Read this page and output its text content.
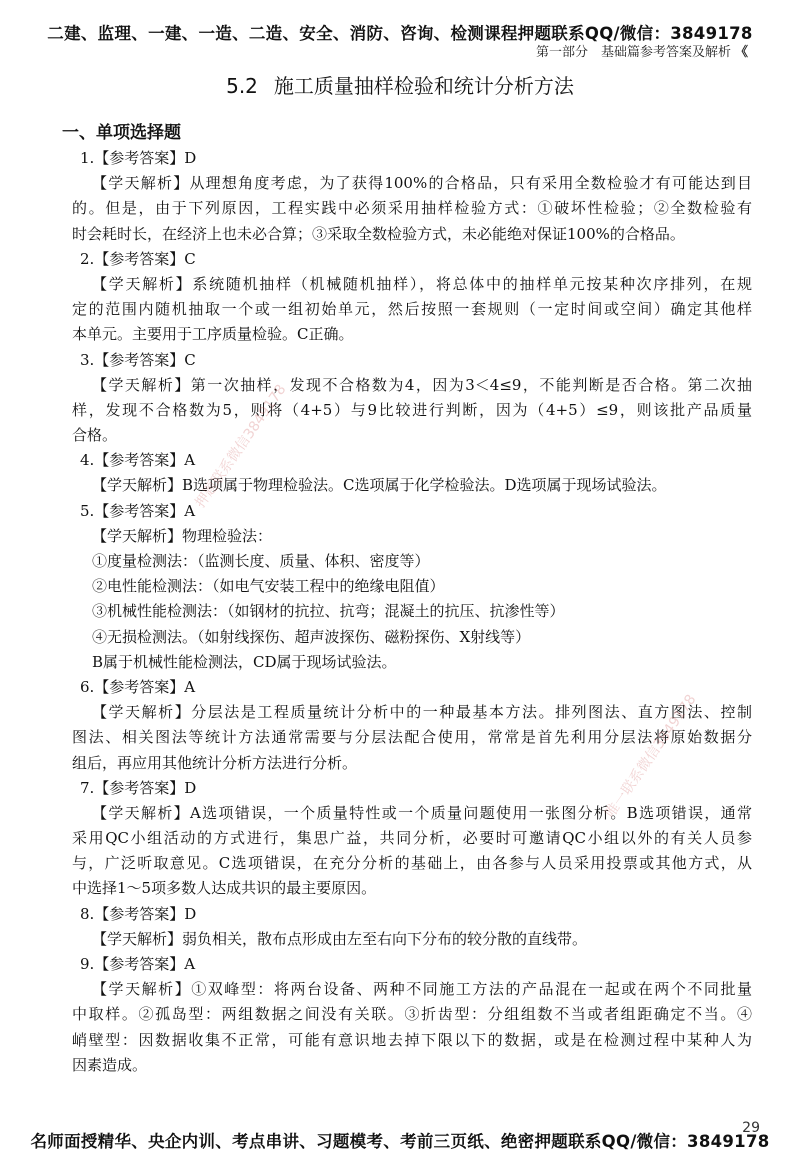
二建、监理、一建、一造、二造、安全、消防、咨询、检测课程押题联系QQ/微信：3849178
第一部分　基础篇参考答案及解析 《
5.2 施工质量抽样检验和统计分析方法
一、单项选择题
1.【参考答案】D
【学天解析】从理想角度考虑，为了获得100%的合格品，只有采用全数检验才有可能达到目
的。但是，由于下列原因，工程实践中必须采用抽样检验方式：①破坏性检验；②全数检验有
时会耗时长，在经济上也未必合算；③采取全数检验方式，未必能绝对保证100%的合格品。
2.【参考答案】C
【学天解析】系统随机抽样（机械随机抽样），将总体中的抽样单元按某种次序排列，在规
定的范围内随机抽取一个或一组初始单元，然后按照一套规则（一定时间或空间）确定其他样
本单元。主要用于工序质量检验。C正确。
3.【参考答案】C
【学天解析】第一次抽样，发现不合格数为4，因为3＜4≤9，不能判断是否合格。第二次抽
样，发现不合格数为5，则将（4+5）与9比较进行判断，因为（4+5）≤9，则该批产品质量
合格。
4.【参考答案】A
【学天解析】B选项属于物理检验法。C选项属于化学检验法。D选项属于现场试验法。
5.【参考答案】A
【学天解析】物理检验法：
①度量检测法：（监测长度、质量、体积、密度等）
②电性能检测法：（如电气安装工程中的绝缘电阻值）
③机械性能检测法：（如钢材的抗拉、抗弯；混凝土的抗压、抗渗性等）
④无损检测法。（如射线探伤、超声波探伤、磁粉探伤、X射线等）
B属于机械性能检测法，CD属于现场试验法。
6.【参考答案】A
【学天解析】分层法是工程质量统计分析中的一种最基本方法。排列图法、直方图法、控制
图法、相关图法等统计方法通常需要与分层法配合使用，常常是首先利用分层法将原始数据分
组后，再应用其他统计分析方法进行分析。
7.【参考答案】D
【学天解析】A选项错误，一个质量特性或一个质量问题使用一张图分析。B选项错误，通常
采用QC小组活动的方式进行，集思广益，共同分析，必要时可邀请QC小组以外的有关人员参
与，广泛听取意见。C选项错误，在充分分析的基础上，由各参与人员采用投票或其他方式，从
中选择1～5项多数人达成共识的最主要原因。
8.【参考答案】D
【学天解析】弱负相关，散布点形成由左至右向下分布的较分散的直线带。
9.【参考答案】A
【学天解析】①双峰型：将两台设备、两种不同施工方法的产品混在一起或在两个不同批量
中取样。②孤岛型：两组数据之间没有关联。③折齿型：分组组数不当或者组距确定不当。④
峭壁型：因数据收集不正常，可能有意识地去掉下限以下的数据，或是在检测过程中某种人为
因素造成。
押题联系微信3849178
唯一联系微信3849178
29
名师面授精华、央企内训、考点串讲、习题模考、考前三页纸、绝密押题联系QQ/微信：3849178
